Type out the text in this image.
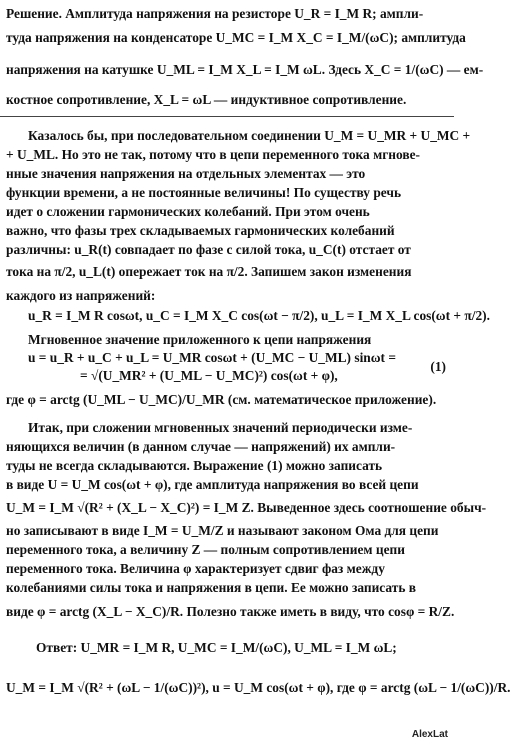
Решение. Амплитуда напряжения на резисторе U_R = I_M R; ампли-
туда напряжения на конденсаторе U_MC = I_M X_C = I_M/(ωC); амплитуда
напряжения на катушке U_ML = I_M X_L = I_M ωL. Здесь X_C = 1/(ωC) — ем-
костное сопротивление, X_L = ωL — индуктивное сопротивление.
Казалось бы, при последовательном соединении U_M = U_MR + U_MC +
+ U_ML. Но это не так, потому что в цепи переменного тока мгнове-
нные значения напряжения на отдельных элементах — это
функции времени, а не постоянные величины! По существу речь
идет о сложении гармонических колебаний. При этом очень
важно, что фазы трех складываемых гармонических колебаний
различны: u_R(t) совпадает по фазе с силой тока, u_C(t) отстает от
тока на π/2, u_L(t) опережает ток на π/2. Запишем закон изменения
каждого из напряжений:
u_R = I_M R cosωt, u_C = I_M X_C cos(ωt − π/2), u_L = I_M X_L cos(ωt + π/2).
Мгновенное значение приложенного к цепи напряжения
u = u_R + u_C + u_L = U_MR cosωt + (U_MC − U_ML) sinωt =
= √(U_MR² + (U_ML − U_MC)²) cos(ωt + φ),
(1)
где φ = arctg (U_ML − U_MC)/U_MR (см. математическое приложение).
Итак, при сложении мгновенных значений периодически изме-
няющихся величин (в данном случае — напряжений) их ампли-
туды не всегда складываются. Выражение (1) можно записать
в виде U = U_M cos(ωt + φ), где амплитуда напряжения во всей цепи
U_M = I_M √(R² + (X_L − X_C)²) = I_M Z. Выведенное здесь соотношение обыч-
но записывают в виде I_M = U_M/Z и называют законом Ома для цепи
переменного тока, а величину Z — полным сопротивлением цепи
переменного тока. Величина φ характеризует сдвиг фаз между
колебаниями силы тока и напряжения в цепи. Ее можно записать в
виде φ = arctg (X_L − X_C)/R. Полезно также иметь в виду, что cosφ = R/Z.
Ответ: U_MR = I_M R, U_MC = I_M/(ωC), U_ML = I_M ωL;
U_M = I_M √(R² + (ωL − 1/(ωC))²), u = U_M cos(ωt + φ), где φ = arctg (ωL − 1/(ωC))/R.
AlexLat
